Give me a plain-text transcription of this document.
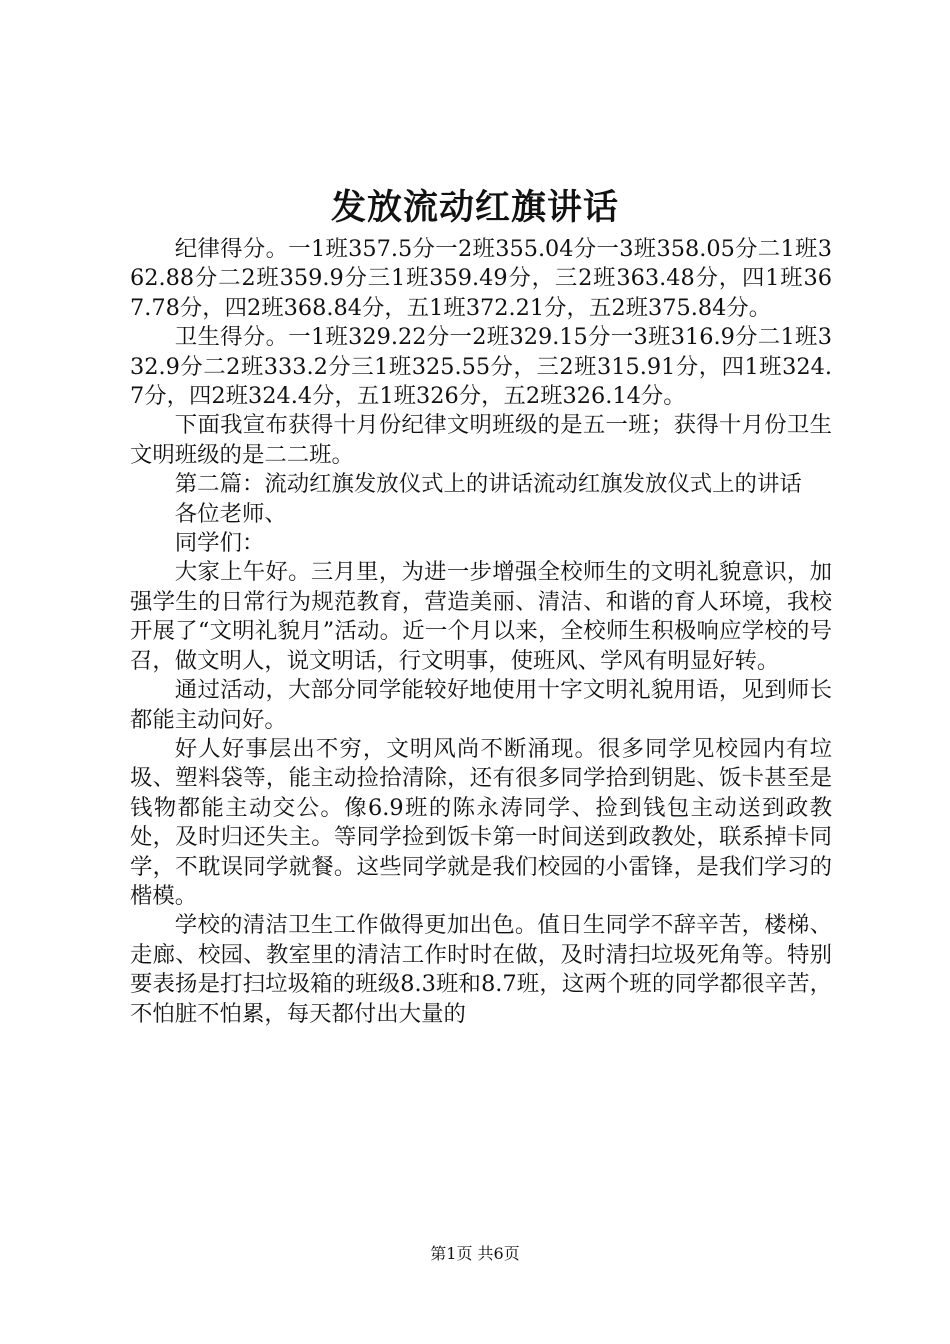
发放流动红旗讲话

纪律得分。一1班357.5分一2班355.04分一3班358.05分二1班362.88分二2班359.9分三1班359.49分，三2班363.48分，四1班367.78分，四2班368.84分，五1班372.21分，五2班375.84分。

卫生得分。一1班329.22分一2班329.15分一3班316.9分二1班332.9分二2班333.2分三1班325.55分，三2班315.91分，四1班324.7分，四2班324.4分，五1班326分，五2班326.14分。

下面我宣布获得十月份纪律文明班级的是五一班；获得十月份卫生文明班级的是二二班。

第二篇：流动红旗发放仪式上的讲话流动红旗发放仪式上的讲话

各位老师、

同学们：

大家上午好。三月里，为进一步增强全校师生的文明礼貌意识，加强学生的日常行为规范教育，营造美丽、清洁、和谐的育人环境，我校开展了“文明礼貌月”活动。近一个月以来，全校师生积极响应学校的号召，做文明人，说文明话，行文明事，使班风、学风有明显好转。

通过活动，大部分同学能较好地使用十字文明礼貌用语，见到师长都能主动问好。

好人好事层出不穷，文明风尚不断涌现。很多同学见校园内有垃圾、塑料袋等，能主动捡拾清除，还有很多同学拾到钥匙、饭卡甚至是钱物都能主动交公。像6.9班的陈永涛同学、捡到钱包主动送到政教处，及时归还失主。等同学捡到饭卡第一时间送到政教处，联系掉卡同学，不耽误同学就餐。这些同学就是我们校园的小雷锋，是我们学习的楷模。

学校的清洁卫生工作做得更加出色。值日生同学不辞辛苦，楼梯、走廊、校园、教室里的清洁工作时时在做，及时清扫垃圾死角等。特别要表扬是打扫垃圾箱的班级8.3班和8.7班，这两个班的同学都很辛苦，不怕脏不怕累，每天都付出大量的

第1页 共6页
